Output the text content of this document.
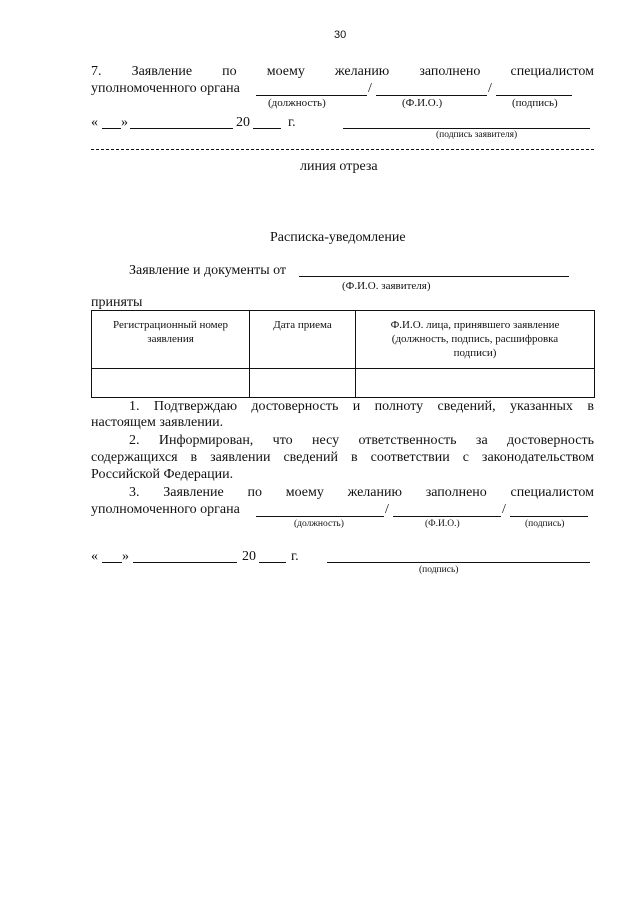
30
7. Заявление по моему желанию заполнено специалистом
уполномоченного органа	/	/
(должность)	(Ф.И.О.)	(подпись)
« »	20	г.
(подпись заявителя)
линия отреза
Расписка-уведомление
Заявление и документы от
(Ф.И.О. заявителя)
приняты
Регистрационный номер заявления	Дата приема	Ф.И.О. лица, принявшего заявление (должность, подпись, расшифровка подписи)

1. Подтверждаю достоверность и полноту сведений, указанных в
настоящем заявлении.
2. Информирован, что несу ответственность за достоверность
содержащихся в заявлении сведений в соответствии с законодательством
Российской Федерации.
3. Заявление по моему желанию заполнено специалистом
уполномоченного органа	/	/
(должность)	(Ф.И.О.)	(подпись)
« »	20	г.
(подпись)
